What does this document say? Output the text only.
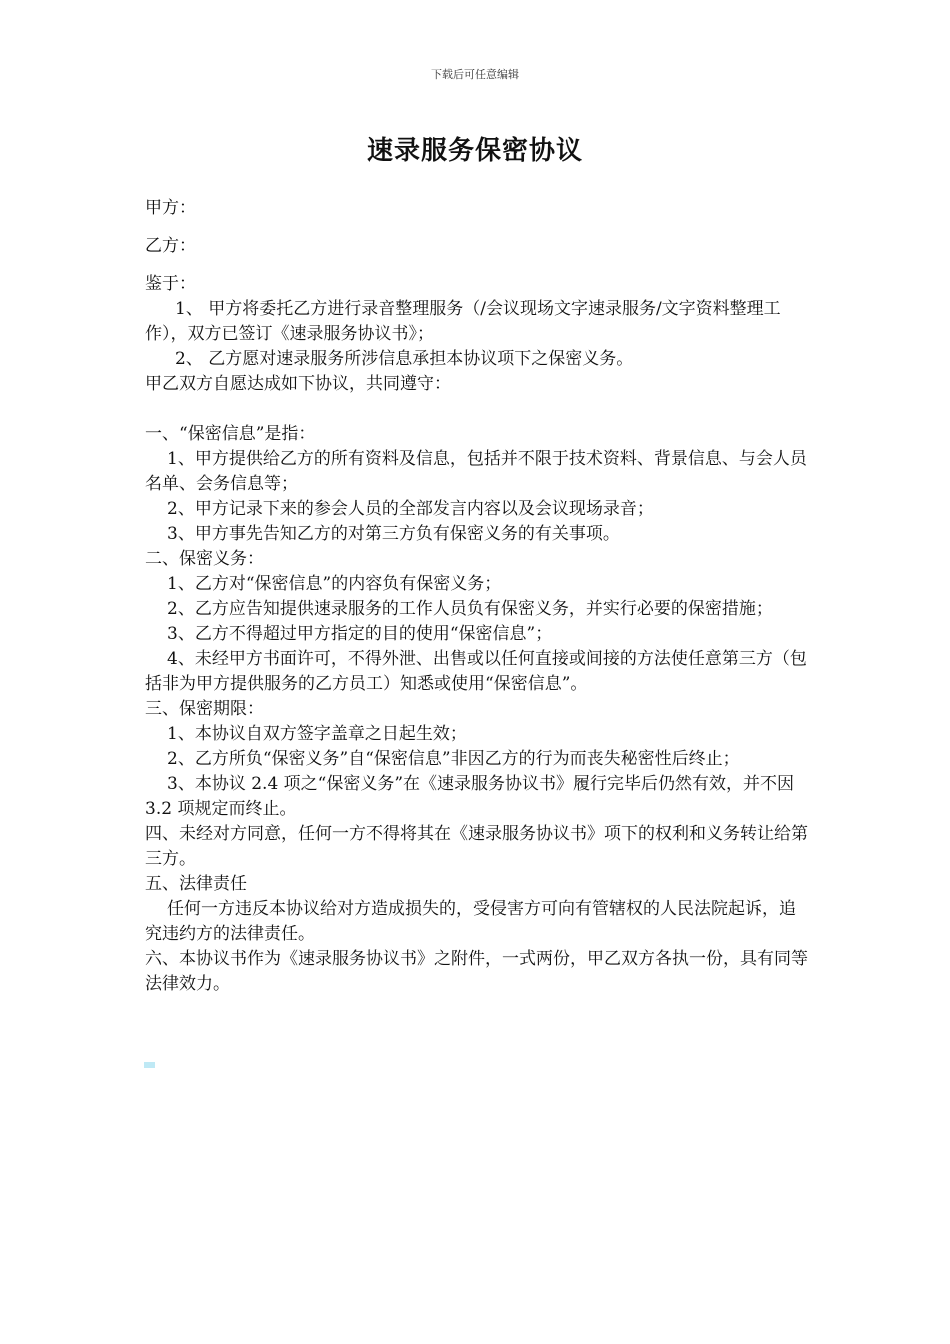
下载后可任意编辑
速录服务保密协议

甲方：

乙方：

鉴于：

1、 甲方将委托乙方进行录音整理服务（/会议现场文字速录服务/文字资料整理工作），双方已签订《速录服务协议书》；

2、 乙方愿对速录服务所涉信息承担本协议项下之保密义务。

甲乙双方自愿达成如下协议，共同遵守：

一、“保密信息”是指：

1、甲方提供给乙方的所有资料及信息，包括并不限于技术资料、背景信息、与会人员名单、会务信息等；

2、甲方记录下来的参会人员的全部发言内容以及会议现场录音；

3、甲方事先告知乙方的对第三方负有保密义务的有关事项。

二、保密义务：

1、乙方对“保密信息”的内容负有保密义务；

2、乙方应告知提供速录服务的工作人员负有保密义务，并实行必要的保密措施；

3、乙方不得超过甲方指定的目的使用“保密信息”；

4、未经甲方书面许可，不得外泄、出售或以任何直接或间接的方法使任意第三方（包括非为甲方提供服务的乙方员工）知悉或使用“保密信息”。

三、保密期限：

1、本协议自双方签字盖章之日起生效；

2、乙方所负“保密义务”自“保密信息”非因乙方的行为而丧失秘密性后终止；

3、本协议 2.4 项之“保密义务”在《速录服务协议书》履行完毕后仍然有效，并不因 3.2 项规定而终止。

四、未经对方同意，任何一方不得将其在《速录服务协议书》项下的权利和义务转让给第三方。

五、法律责任

任何一方违反本协议给对方造成损失的，受侵害方可向有管辖权的人民法院起诉，追究违约方的法律责任。

六、本协议书作为《速录服务协议书》之附件，一式两份，甲乙双方各执一份，具有同等法律效力。
